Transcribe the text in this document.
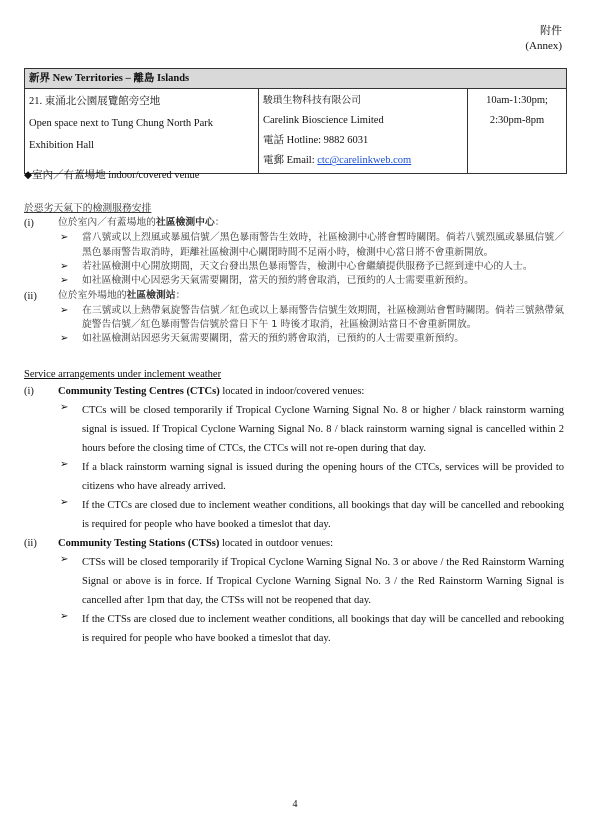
附件
(Annex)
新界 New Territories – 離島 Islands

21. 東涌北公園展覽館旁空地
Open space next to Tung Chung North Park
Exhibition Hall

駿瑣生物科技有限公司
Carelink Bioscience Limited
電話 Hotline: 9882 6031
電郵 Email: ctc@carelinkweb.com

10am-1:30pm;
2:30pm-8pm
◆室內／有蓋場地 indoor/covered venue

於惡劣天氣下的檢測服務安排

(i)	位於室內／有蓋場地的社區檢測中心：
➢	當八號或以上烈風或暴風信號／黑色暴雨警告生效時，社區檢測中心將會暫時關閉。倘若八號烈風或暴風信號／黑色暴雨警告取消時，距離社區檢測中心關閉時間不足兩小時，檢測中心當日將不會重新開放。
➢	若社區檢測中心開放期間，天文台發出黑色暴雨警告，檢測中心會繼續提供服務予已經到達中心的人士。
➢	如社區檢測中心因惡劣天氣需要關閉，當天的預約將會取消，已預約的人士需要重新預約。
(ii)	位於室外場地的社區檢測站：
➢	在三號或以上熱帶氣旋警告信號／紅色或以上暴雨警告信號生效期間，社區檢測站會暫時關閉。倘若三號熱帶氣旋警告信號／紅色暴雨警告信號於當日下午 1 時後才取消，社區檢測站當日不會重新開放。
➢	如社區檢測站因惡劣天氣需要關閉，當天的預約將會取消，已預約的人士需要重新預約。

Service arrangements under inclement weather

(i)	Community Testing Centres (CTCs) located in indoor/covered venues:
➢	CTCs will be closed temporarily if Tropical Cyclone Warning Signal No. 8 or higher / black rainstorm warning signal is issued. If Tropical Cyclone Warning Signal No. 8 / black rainstorm warning signal is cancelled within 2 hours before the closing time of CTCs, the CTCs will not re-open during that day.
➢	If a black rainstorm warning signal is issued during the opening hours of the CTCs, services will be provided to citizens who have already arrived.
➢	If the CTCs are closed due to inclement weather conditions, all bookings that day will be cancelled and rebooking is required for people who have booked a timeslot that day.
(ii)	Community Testing Stations (CTSs) located in outdoor venues:
➢	CTSs will be closed temporarily if Tropical Cyclone Warning Signal No. 3 or above / the Red Rainstorm Warning Signal or above is in force. If Tropical Cyclone Warning Signal No. 3 / the Red Rainstorm Warning Signal is cancelled after 1pm that day, the CTSs will not be reopened that day.
➢	If the CTSs are closed due to inclement weather conditions, all bookings that day will be cancelled and rebooking is required for people who have booked a timeslot that day.
4
